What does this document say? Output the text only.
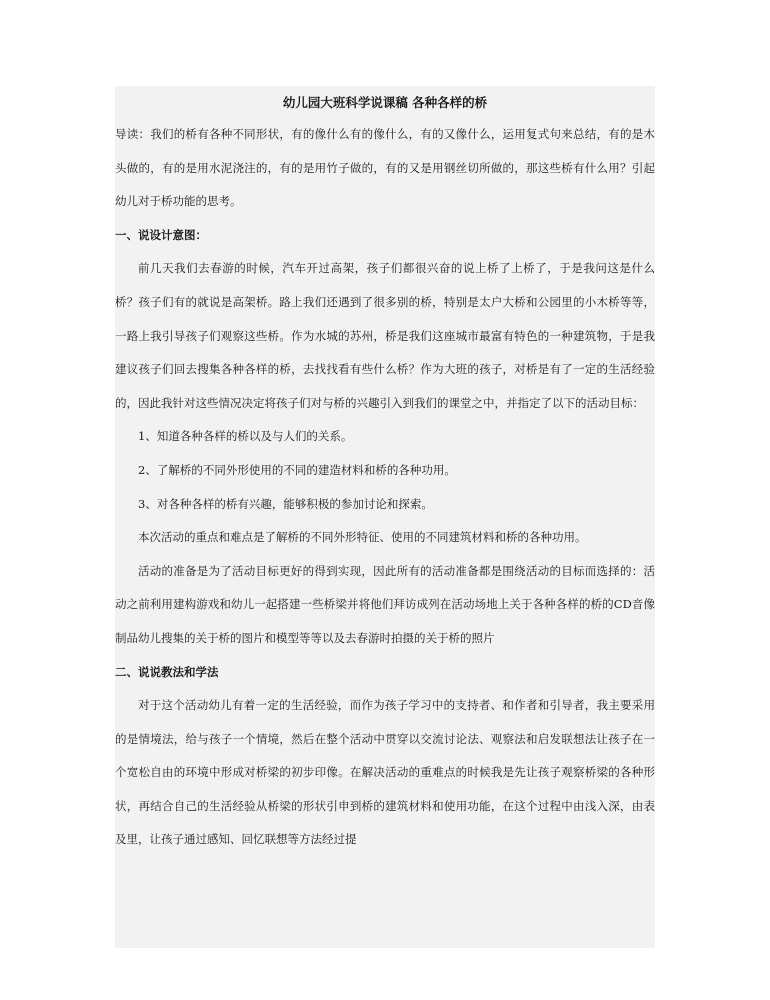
幼儿园大班科学说课稿 各种各样的桥

导读：我们的桥有各种不同形状，有的像什么有的像什么，有的又像什么，运用复式句来总结，有的是木头做的，有的是用水泥浇注的，有的是用竹子做的，有的又是用钢丝切所做的，那这些桥有什么用？引起幼儿对于桥功能的思考。

一、说设计意图：

前几天我们去春游的时候，汽车开过高架，孩子们都很兴奋的说上桥了上桥了，于是我问这是什么桥？孩子们有的就说是高架桥。路上我们还遇到了很多别的桥，特别是太户大桥和公园里的小木桥等等，一路上我引导孩子们观察这些桥。作为水城的苏州，桥是我们这座城市最富有特色的一种建筑物，于是我建议孩子们回去搜集各种各样的桥，去找找看有些什么桥？作为大班的孩子，对桥是有了一定的生活经验的，因此我针对这些情况决定将孩子们对与桥的兴趣引入到我们的课堂之中，并指定了以下的活动目标：

1、知道各种各样的桥以及与人们的关系。

2、了解桥的不同外形使用的不同的建造材料和桥的各种功用。

3、对各种各样的桥有兴趣，能够积极的参加讨论和探索。

本次活动的重点和难点是了解桥的不同外形特征、使用的不同建筑材料和桥的各种功用。

活动的准备是为了活动目标更好的得到实现，因此所有的活动准备都是围绕活动的目标而选择的：活动之前利用建构游戏和幼儿一起搭建一些桥梁并将他们拜访成列在活动场地上关于各种各样的桥的CD音像制品幼儿搜集的关于桥的图片和模型等等以及去春游时拍摄的关于桥的照片

二、说说教法和学法

对于这个活动幼儿有着一定的生活经验，而作为孩子学习中的支持者、和作者和引导者，我主要采用的是情境法，给与孩子一个情境，然后在整个活动中贯穿以交流讨论法、观察法和启发联想法让孩子在一个宽松自由的环境中形成对桥梁的初步印像。在解决活动的重难点的时候我是先让孩子观察桥梁的各种形状，再结合自己的生活经验从桥梁的形状引申到桥的建筑材料和使用功能，在这个过程中由浅入深，由表及里，让孩子通过感知、回忆联想等方法经过提
